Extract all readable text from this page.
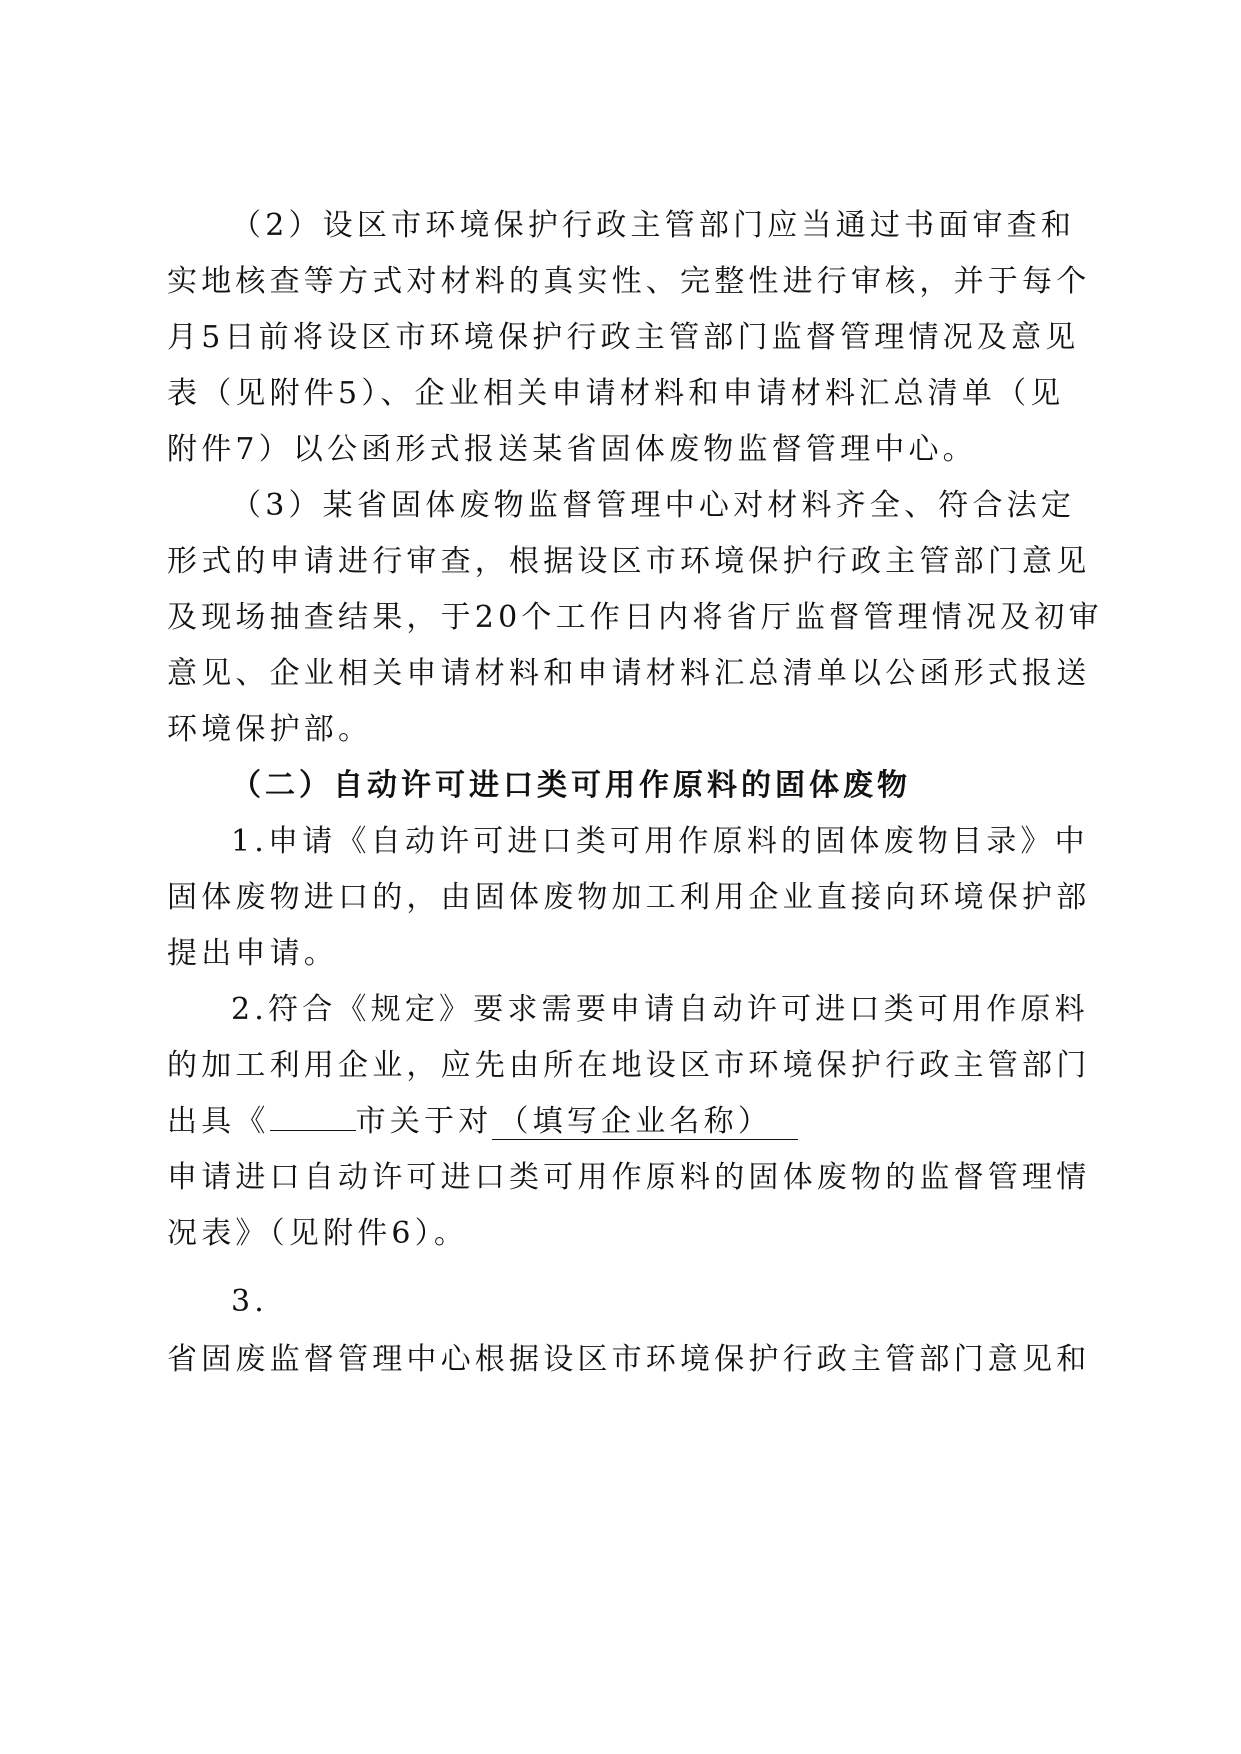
（2）设区市环境保护行政主管部门应当通过书面审查和
实地核查等方式对材料的真实性、完整性进行审核，并于每个
月5日前将设区市环境保护行政主管部门监督管理情况及意见
表（见附件5）、企业相关申请材料和申请材料汇总清单（见
附件7）以公函形式报送某省固体废物监督管理中心。
（3）某省固体废物监督管理中心对材料齐全、符合法定
形式的申请进行审查，根据设区市环境保护行政主管部门意见
及现场抽查结果，于20个工作日内将省厅监督管理情况及初审
意见、企业相关申请材料和申请材料汇总清单以公函形式报送
环境保护部。
（二）自动许可进口类可用作原料的固体废物
1.申请《自动许可进口类可用作原料的固体废物目录》中
固体废物进口的，由固体废物加工利用企业直接向环境保护部
提出申请。
2.符合《规定》要求需要申请自动许可进口类可用作原料
的加工利用企业，应先由所在地设区市环境保护行政主管部门
出具《	市关于对 （填写企业名称）
申请进口自动许可进口类可用作原料的固体废物的监督管理情
况表》（见附件6）。
3.
省固废监督管理中心根据设区市环境保护行政主管部门意见和
